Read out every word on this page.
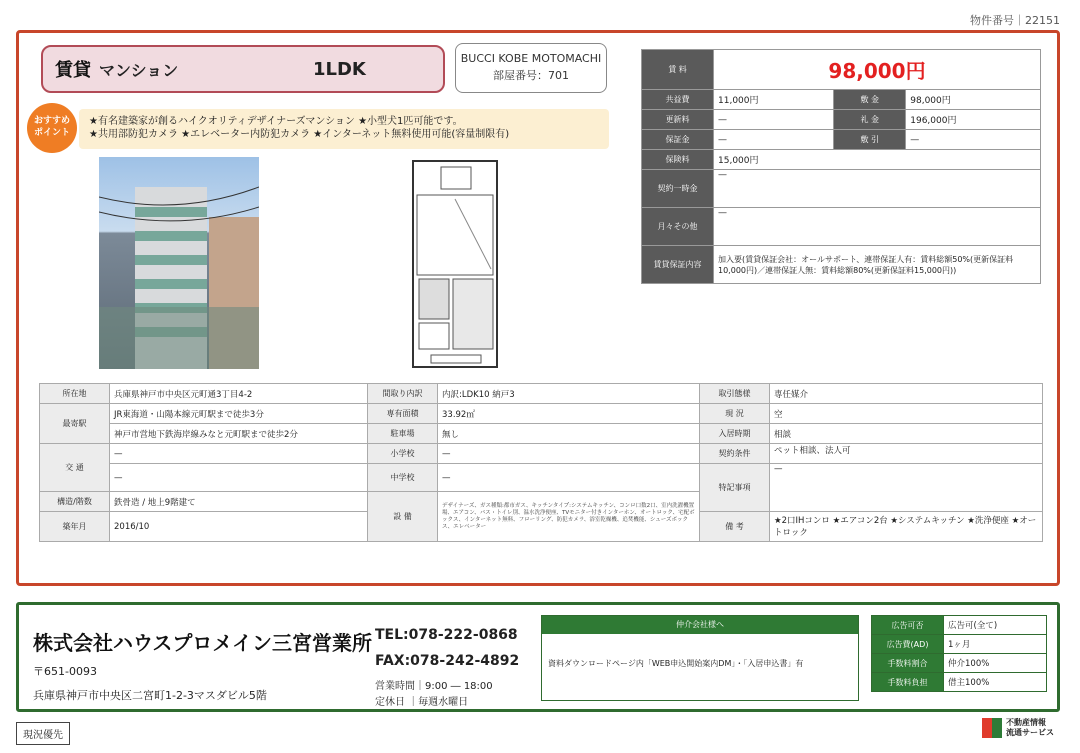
物件番号｜22151
賃貸 マンション	1LDK	BUCCI KOBE MOTOMACHI
部屋番号：701
おすすめ
ポイント
★有名建築家が創るハイクオリティデザイナーズマンション ★小型犬1匹可能です。
★共用部防犯カメラ ★エレベーター内防犯カメラ ★インターネット無料使用可能(容量制限有)
賃 料	98,000円		
共益費	11,000円	敷 金	98,000円
更新料	—	礼 金	196,000円
保証金	—	敷 引	—
保険料	15,000円		
契約一時金	—		
月々その他	—		
賃貸保証内容	加入要(賃貸保証会社：オールサポート、連帯保証人有：賃料総額50%(更新保証料10,000円)／連帯保証人無：賃料総額80%(更新保証料15,000円))		
所在地	兵庫県神戸市中央区元町通3丁目4-2	間取り内訳	内訳:LDK10 納戸3	取引態様	専任媒介
最寄駅	JR東海道・山陽本線元町駅まで徒歩3分	専有面積	33.92㎡	現 況	空
	神戸市営地下鉄海岸線みなと元町駅まで徒歩2分	駐車場	無し	入居時期	相談
交 通	—	小学校	—	契約条件	ペット相談、法人可
	—	中学校	—	特記事項	—
構造/階数	鉄骨造 / 地上9階建て	設 備	デザイナーズ、ガス種類:都市ガス、キッチンタイプ:システムキッチン、コンロ口数2口、室内洗濯機置場、エアコン、バス・トイレ別、温水洗浄便座、TVモニター付きインターホン、オートロック、宅配ボックス、インターネット無料、フローリング、防犯カメラ、浴室乾燥機、追焚機能、シューズボックス、エレベーター		
築年月	2016/10			備 考	★2口IHコンロ ★エアコン2台 ★システムキッチン ★洗浄便座 ★オートロック
株式会社ハウスプロメイン三宮営業所
〒651-0093
兵庫県神戸市中央区二宮町1-2-3マスダビル5階
TEL:078-222-0868
FAX:078-242-4892
営業時間｜9:00 ― 18:00
定休日 ｜毎週水曜日
仲介会社様へ
資料ダウンロードページ内「WEB申込開始案内DM」・「入居申込書」有
広告可否	広告可(全て)
広告費(AD)	1ヶ月
手数料割合	仲介100%
手数料負担	借主100%
現況優先
不動産情報
流通サービス
